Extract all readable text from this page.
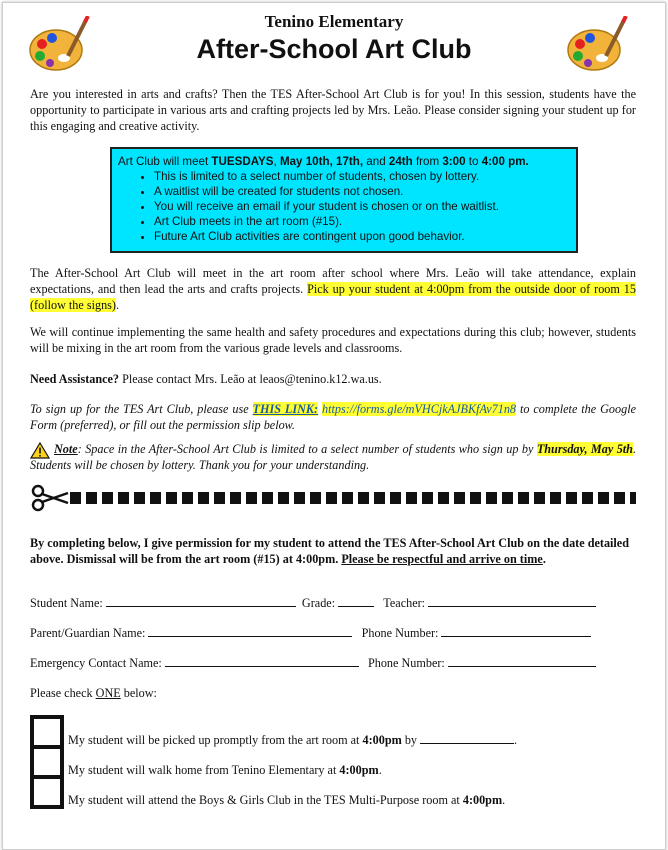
Tenino Elementary
After-School Art Club
Are you interested in arts and crafts? Then the TES After-School Art Club is for you! In this session, students have the opportunity to participate in various arts and crafting projects led by Mrs. Leão. Please consider signing your student up for this engaging and creative activity.
Art Club will meet TUESDAYS, May 10th, 17th, and 24th from 3:00 to 4:00 pm.
• This is limited to a select number of students, chosen by lottery.
• A waitlist will be created for students not chosen.
• You will receive an email if your student is chosen or on the waitlist.
• Art Club meets in the art room (#15).
• Future Art Club activities are contingent upon good behavior.
The After-School Art Club will meet in the art room after school where Mrs. Leão will take attendance, explain expectations, and then lead the arts and crafts projects. Pick up your student at 4:00pm from the outside door of room 15 (follow the signs).
We will continue implementing the same health and safety procedures and expectations during this club; however, students will be mixing in the art room from the various grade levels and classrooms.
Need Assistance? Please contact Mrs. Leão at leaos@tenino.k12.wa.us.
To sign up for the TES Art Club, please use THIS LINK: https://forms.gle/mVHCjkAJBKfAv71n8 to complete the Google Form (preferred), or fill out the permission slip below.
Note: Space in the After-School Art Club is limited to a select number of students who sign up by Thursday, May 5th. Students will be chosen by lottery. Thank you for your understanding.
By completing below, I give permission for my student to attend the TES After-School Art Club on the date detailed above. Dismissal will be from the art room (#15) at 4:00pm. Please be respectful and arrive on time.
Student Name:	Grade:	Teacher:
Parent/Guardian Name:	Phone Number:
Emergency Contact Name:	Phone Number:
Please check ONE below:
My student will be picked up promptly from the art room at 4:00pm by	.
My student will walk home from Tenino Elementary at 4:00pm.
My student will attend the Boys & Girls Club in the TES Multi-Purpose room at 4:00pm.
